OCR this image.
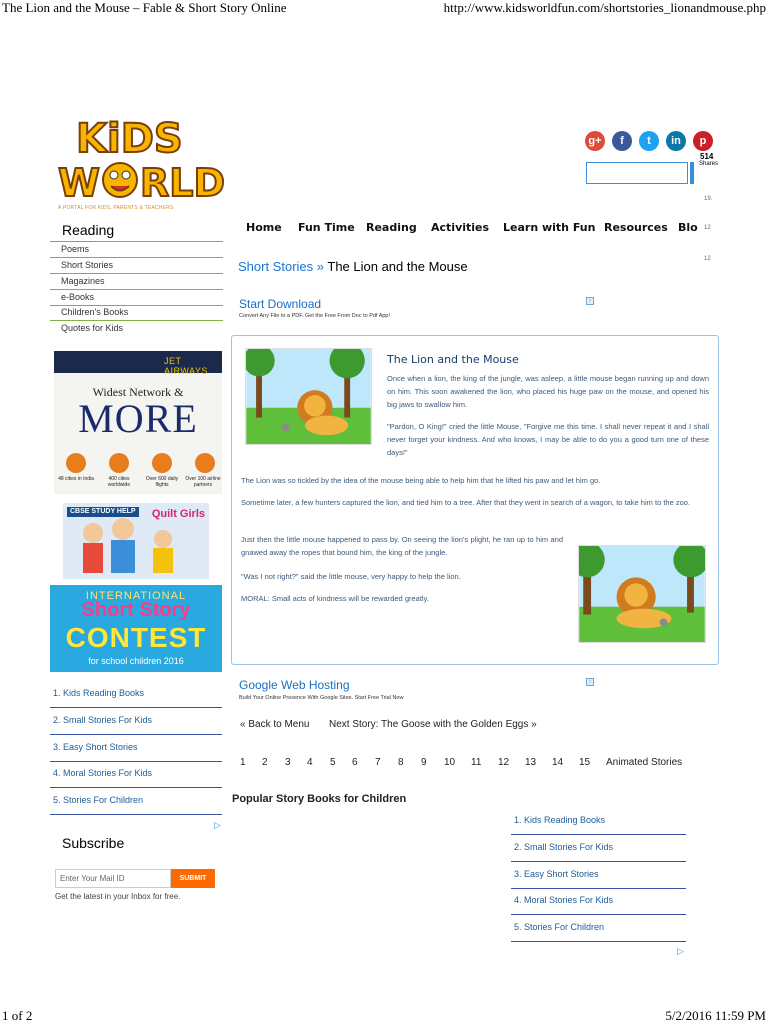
The Lion and the Mouse – Fable & Short Story Online	http://www.kidsworldfun.com/shortstories_lionandmouse.php
KiDS
W RLD
A PORTAL FOR KIDS, PARENTS & TEACHERS
g+	f	t	in	p
514
Shares
19.
12
12
Reading
Poems
Short Stories
Magazines
e-Books
Children's Books
Quotes for Kids
JET AIRWAYS
Widest Network &
MORE
48 cities in India	400 cities worldwide
Over 600 daily flights
Over 100 airline partners
CBSE STUDY HELP Quilt Girls
INTERNATIONAL
Short Story
CONTEST
for school children 2016
1. Kids Reading Books
2. Small Stories For Kids
3. Easy Short Stories
4. Moral Stories For Kids
5. Stories For Children
▷
Subscribe
Enter Your Mail ID	SUBMIT
Get the latest in your Inbox for free.
Home Fun Time Reading Activities Learn with Fun Resources Blo
Short Stories » The Lion and the Mouse
Start Download
Convert Any File to a PDF. Get the Free From Doc to Pdf App!
i
The Lion and the Mouse
Once when a lion, the king of the jungle, was asleep, a little mouse began running up and down on him. This soon awakened the lion, who placed his huge paw on the mouse, and opened his big jaws to swallow him.
"Pardon, O King!" cried the little Mouse, "Forgive me this time. I shall never repeat it and I shall never forget your kindness. And who knows, I may be able to do you a good turn one of these days!"
The Lion was so tickled by the idea of the mouse being able to help him that he lifted his paw and let him go.
Sometime later, a few hunters captured the lion, and tied him to a tree. After that they went in search of a wagon, to take him to the zoo.
Just then the little mouse happened to pass by. On seeing the lion's plight, he ran up to him and gnawed away the ropes that bound him, the king of the jungle.
"Was I not right?" said the little mouse, very happy to help the lion.
MORAL: Small acts of kindness will be rewarded greatly.
Google Web Hosting
Build Your Online Presence With Google Sites. Start Free Trial Now
i
« Back to Menu Next Story: The Goose with the Golden Eggs »
1 2 3 4 5 6 7 8 9 10 11 12 13 14 15 Animated Stories
Popular Story Books for Children
1. Kids Reading Books
2. Small Stories For Kids
3. Easy Short Stories
4. Moral Stories For Kids
5. Stories For Children
▷
1 of 2	5/2/2016 11:59 PM
